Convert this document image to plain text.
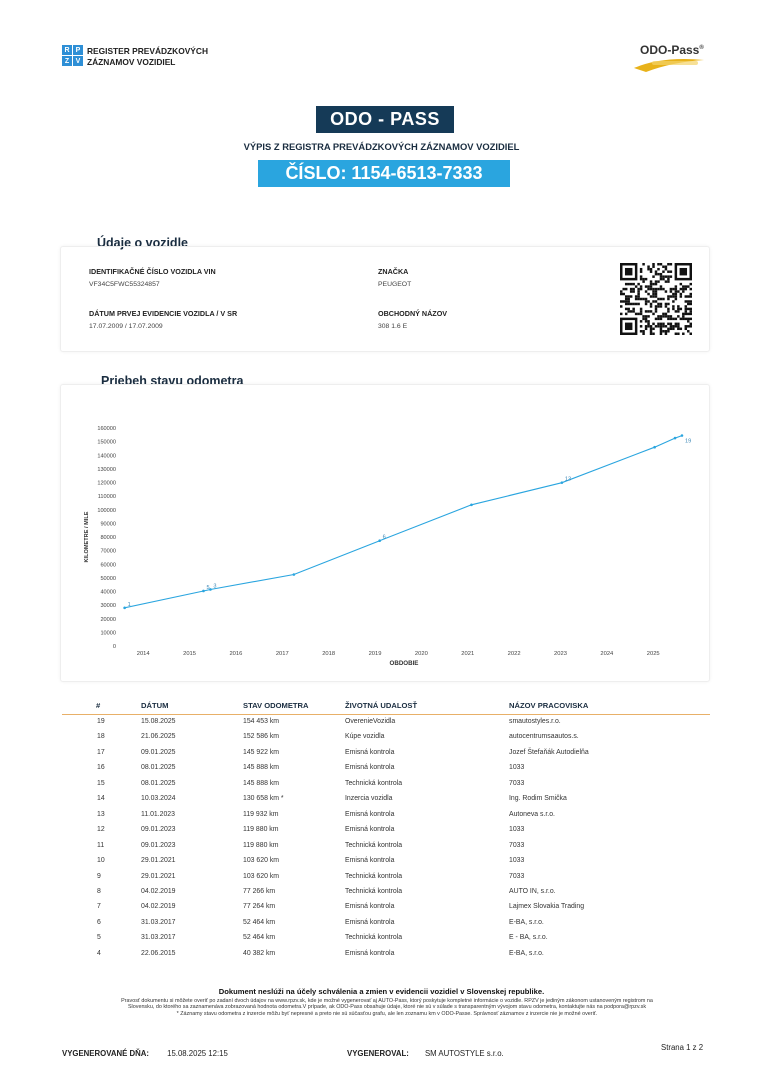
R P
Z V
REGISTER PREVÁDZKOVÝCH
ZÁZNAMOV VOZIDIEL
ODO-Pass®
ODO - PASS
VÝPIS Z REGISTRA PREVÁDZKOVÝCH ZÁZNAMOV VOZIDIEL
ČÍSLO: 1154-6513-7333
Údaje o vozidle
IDENTIFIKAČNÉ ČÍSLO VOZIDLA VIN
VF34C5FWC55324857
DÁTUM PRVEJ EVIDENCIE VOZIDLA / V SR
17.07.2009 / 17.07.2009
ZNAČKA
PEUGEOT
OBCHODNÝ NÁZOV
308 1.6 E
Priebeh stavu odometra
160000
150000
140000
130000
120000
110000
100000
90000
80000
70000
60000
50000
40000
30000
20000
10000
0
2014	2015	2016	2017	2018	2019	2020	2021	2022	2023	2024	2025
OBDOBIE
KILOMETRE / MILE
1
5 3
6
13
19
#	DÁTUM	STAV ODOMETRA	ŽIVOTNÁ UDALOSŤ	NÁZOV PRACOVISKA
19	15.08.2025	154 453 km	OverenieVozidla	smautostyles.r.o.
18	21.06.2025	152 586 km	Kúpe vozidla	autocentrumsaautos.s.
17	09.01.2025	145 922 km	Emisná kontrola	Jozef Štefaňák Autodielňa
16	08.01.2025	145 888 km	Emisná kontrola	1033
15	08.01.2025	145 888 km	Technická kontrola	7033
14	10.03.2024	130 658 km *	Inzercia vozidla	Ing. Rodim Smička
13	11.01.2023	119 932 km	Emisná kontrola	Autoneva s.r.o.
12	09.01.2023	119 880 km	Emisná kontrola	1033
11	09.01.2023	119 880 km	Technická kontrola	7033
10	29.01.2021	103 620 km	Emisná kontrola	1033
9	29.01.2021	103 620 km	Technická kontrola	7033
8	04.02.2019	77 266 km	Technická kontrola	AUTO IN, s.r.o.
7	04.02.2019	77 264 km	Emisná kontrola	Lajmex Slovakia Trading
6	31.03.2017	52 464 km	Emisná kontrola	E-BA, s.r.o.
5	31.03.2017	52 464 km	Technická kontrola	E - BA, s.r.o.
4	22.06.2015	40 382 km	Emisná kontrola	E-BA, s.r.o.
Dokument neslúži na účely schválenia a zmien v evidencii vozidiel v Slovenskej republike.
Pravosť dokumentu si môžete overiť po zadaní dvoch údajov na www.rpzv.sk, kde je možné vygenerovať aj AUTO-Pass, ktorý poskytuje kompletné informácie o vozidle. RPZV je jediným zákonom ustanoveným registrom na
Slovensku, do ktorého sa zaznamenáva zobrazovaná hodnota odometra.V prípade, ak ODO-Pass obsahuje údaje, ktoré nie sú v súlade s transparentným vývojom stavu odometra, kontaktujte nás na podpora@rpzv.sk
* Záznamy stavu odometra z inzercie môžu byť nepresné a preto nie sú súčasťou grafu, ale len zoznamu km v ODO-Passe. Správnosť záznamov z inzercie nie je možné overiť.
Strana 1 z 2
VYGENEROVANÉ DŇA: 15.08.2025 12:15	VYGENEROVAL: SM AUTOSTYLE s.r.o.
